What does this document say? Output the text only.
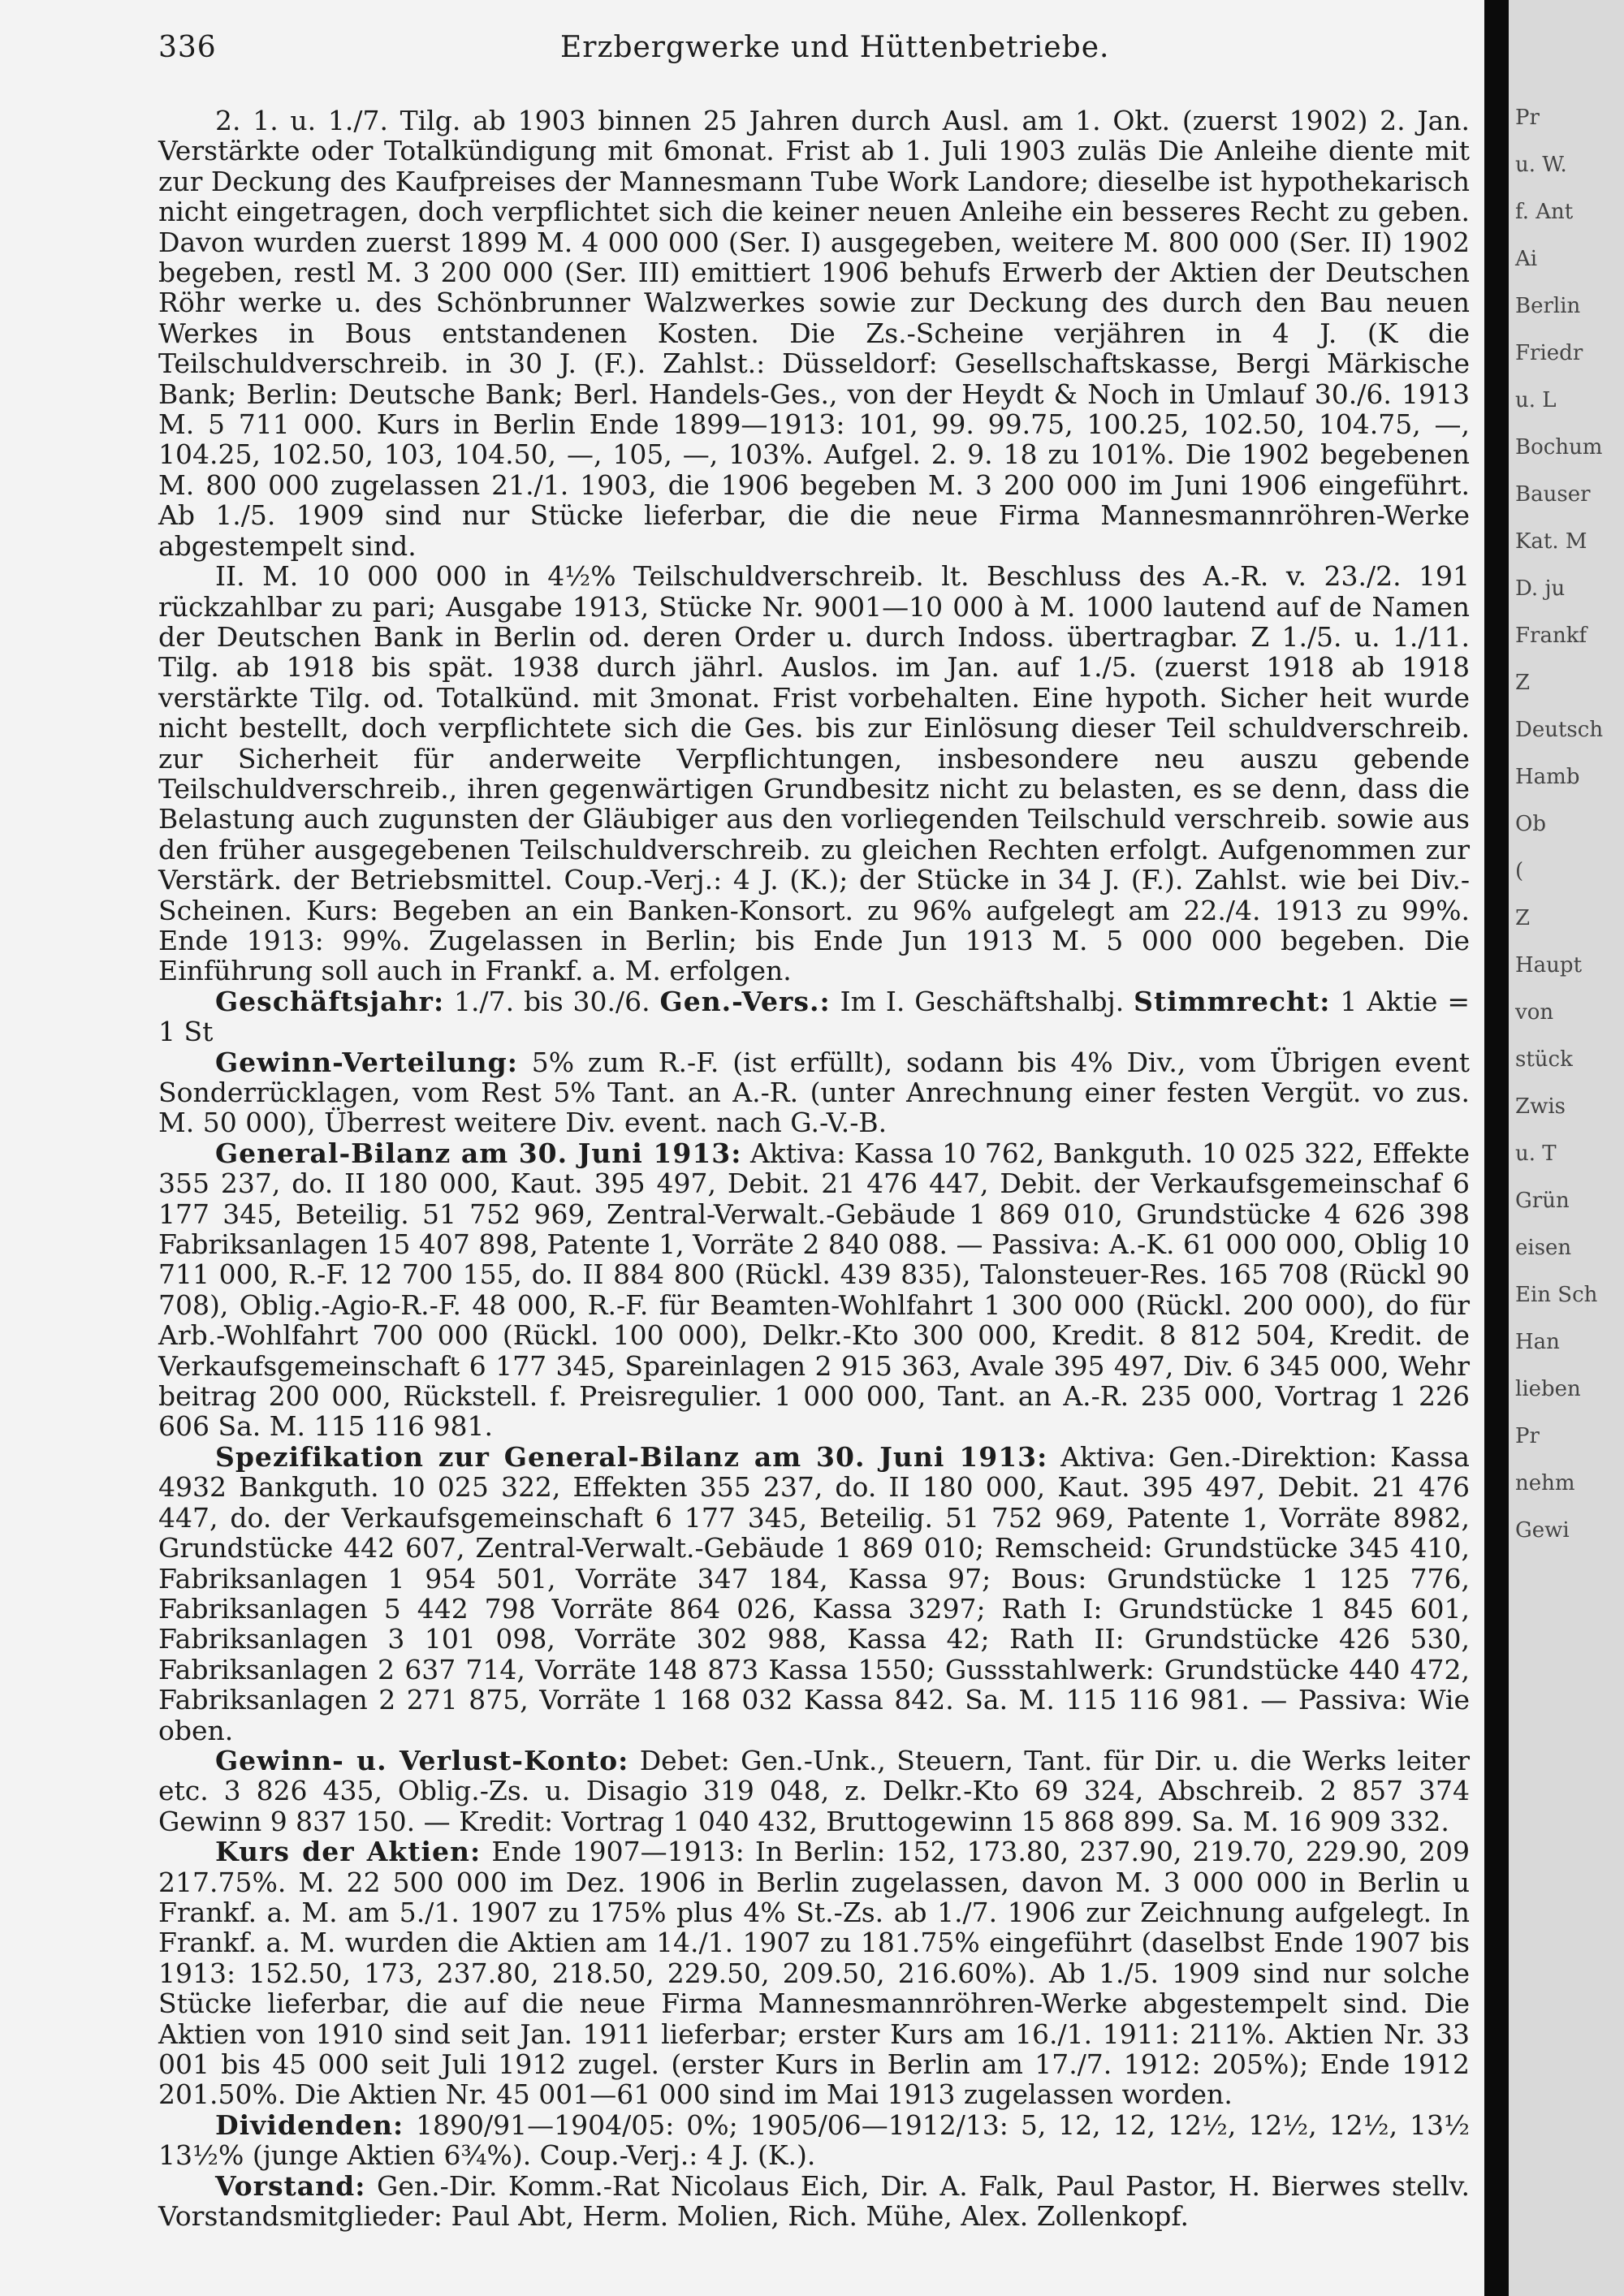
336	Erzbergwerke und Hüttenbetriebe.

2. 1. u. 1./7. Tilg. ab 1903 binnen 25 Jahren durch Ausl. am 1. Okt. (zuerst 1902) 2. Jan. Verstärkte oder Totalkündigung mit 6monat. Frist ab 1. Juli 1903 zuläs Die Anleihe diente mit zur Deckung des Kaufpreises der Mannesmann Tube Work Landore; dieselbe ist hypothekarisch nicht eingetragen, doch verpflichtet sich die keiner neuen Anleihe ein besseres Recht zu geben. Davon wurden zuerst 1899 M. 4 000 000 (Ser. I) ausgegeben, weitere M. 800 000 (Ser. II) 1902 begeben, restl M. 3 200 000 (Ser. III) emittiert 1906 behufs Erwerb der Aktien der Deutschen Röhr werke u. des Schönbrunner Walzwerkes sowie zur Deckung des durch den Bau neuen Werkes in Bous entstandenen Kosten. Die Zs.-Scheine verjähren in 4 J. (K die Teilschuldverschreib. in 30 J. (F.). Zahlst.: Düsseldorf: Gesellschaftskasse, Bergi Märkische Bank; Berlin: Deutsche Bank; Berl. Handels-Ges., von der Heydt & Noch in Umlauf 30./6. 1913 M. 5 711 000. Kurs in Berlin Ende 1899—1913: 101, 99. 99.75, 100.25, 102.50, 104.75, —, 104.25, 102.50, 103, 104.50, —, 105, —, 103%. Aufgel. 2. 9. 18 zu 101%. Die 1902 begebenen M. 800 000 zugelassen 21./1. 1903, die 1906 begeben M. 3 200 000 im Juni 1906 eingeführt. Ab 1./5. 1909 sind nur Stücke lieferbar, die die neue Firma Mannesmannröhren-Werke abgestempelt sind.

II. M. 10 000 000 in 4½% Teilschuldverschreib. lt. Beschluss des A.-R. v. 23./2. 191 rückzahlbar zu pari; Ausgabe 1913, Stücke Nr. 9001—10 000 à M. 1000 lautend auf de Namen der Deutschen Bank in Berlin od. deren Order u. durch Indoss. übertragbar. Z 1./5. u. 1./11. Tilg. ab 1918 bis spät. 1938 durch jährl. Auslos. im Jan. auf 1./5. (zuerst 1918 ab 1918 verstärkte Tilg. od. Totalkünd. mit 3monat. Frist vorbehalten. Eine hypoth. Sicher heit wurde nicht bestellt, doch verpflichtete sich die Ges. bis zur Einlösung dieser Teil schuldverschreib. zur Sicherheit für anderweite Verpflichtungen, insbesondere neu auszu gebende Teilschuldverschreib., ihren gegenwärtigen Grundbesitz nicht zu belasten, es se denn, dass die Belastung auch zugunsten der Gläubiger aus den vorliegenden Teilschuld verschreib. sowie aus den früher ausgegebenen Teilschuldverschreib. zu gleichen Rechten erfolgt. Aufgenommen zur Verstärk. der Betriebsmittel. Coup.-Verj.: 4 J. (K.); der Stücke in 34 J. (F.). Zahlst. wie bei Div.-Scheinen. Kurs: Begeben an ein Banken-Konsort. zu 96% aufgelegt am 22./4. 1913 zu 99%. Ende 1913: 99%. Zugelassen in Berlin; bis Ende Jun 1913 M. 5 000 000 begeben. Die Einführung soll auch in Frankf. a. M. erfolgen.

Geschäftsjahr: 1./7. bis 30./6. Gen.-Vers.: Im I. Geschäftshalbj. Stimmrecht: 1 Aktie = 1 St

Gewinn-Verteilung: 5% zum R.-F. (ist erfüllt), sodann bis 4% Div., vom Übrigen event Sonderrücklagen, vom Rest 5% Tant. an A.-R. (unter Anrechnung einer festen Vergüt. vo zus. M. 50 000), Überrest weitere Div. event. nach G.-V.-B.

General-Bilanz am 30. Juni 1913: Aktiva: Kassa 10 762, Bankguth. 10 025 322, Effekte 355 237, do. II 180 000, Kaut. 395 497, Debit. 21 476 447, Debit. der Verkaufsgemeinschaf 6 177 345, Beteilig. 51 752 969, Zentral-Verwalt.-Gebäude 1 869 010, Grundstücke 4 626 398 Fabriksanlagen 15 407 898, Patente 1, Vorräte 2 840 088. — Passiva: A.-K. 61 000 000, Oblig 10 711 000, R.-F. 12 700 155, do. II 884 800 (Rückl. 439 835), Talonsteuer-Res. 165 708 (Rückl 90 708), Oblig.-Agio-R.-F. 48 000, R.-F. für Beamten-Wohlfahrt 1 300 000 (Rückl. 200 000), do für Arb.-Wohlfahrt 700 000 (Rückl. 100 000), Delkr.-Kto 300 000, Kredit. 8 812 504, Kredit. de Verkaufsgemeinschaft 6 177 345, Spareinlagen 2 915 363, Avale 395 497, Div. 6 345 000, Wehr beitrag 200 000, Rückstell. f. Preisregulier. 1 000 000, Tant. an A.-R. 235 000, Vortrag 1 226 606 Sa. M. 115 116 981.

Spezifikation zur General-Bilanz am 30. Juni 1913: Aktiva: Gen.-Direktion: Kassa 4932 Bankguth. 10 025 322, Effekten 355 237, do. II 180 000, Kaut. 395 497, Debit. 21 476 447, do. der Verkaufsgemeinschaft 6 177 345, Beteilig. 51 752 969, Patente 1, Vorräte 8982, Grundstücke 442 607, Zentral-Verwalt.-Gebäude 1 869 010; Remscheid: Grundstücke 345 410, Fabriksanlagen 1 954 501, Vorräte 347 184, Kassa 97; Bous: Grundstücke 1 125 776, Fabriksanlagen 5 442 798 Vorräte 864 026, Kassa 3297; Rath I: Grundstücke 1 845 601, Fabriksanlagen 3 101 098, Vorräte 302 988, Kassa 42; Rath II: Grundstücke 426 530, Fabriksanlagen 2 637 714, Vorräte 148 873 Kassa 1550; Gussstahlwerk: Grundstücke 440 472, Fabriksanlagen 2 271 875, Vorräte 1 168 032 Kassa 842. Sa. M. 115 116 981. — Passiva: Wie oben.

Gewinn- u. Verlust-Konto: Debet: Gen.-Unk., Steuern, Tant. für Dir. u. die Werks leiter etc. 3 826 435, Oblig.-Zs. u. Disagio 319 048, z. Delkr.-Kto 69 324, Abschreib. 2 857 374 Gewinn 9 837 150. — Kredit: Vortrag 1 040 432, Bruttogewinn 15 868 899. Sa. M. 16 909 332.

Kurs der Aktien: Ende 1907—1913: In Berlin: 152, 173.80, 237.90, 219.70, 229.90, 209 217.75%. M. 22 500 000 im Dez. 1906 in Berlin zugelassen, davon M. 3 000 000 in Berlin u Frankf. a. M. am 5./1. 1907 zu 175% plus 4% St.-Zs. ab 1./7. 1906 zur Zeichnung aufgelegt. In Frankf. a. M. wurden die Aktien am 14./1. 1907 zu 181.75% eingeführt (daselbst Ende 1907 bis 1913: 152.50, 173, 237.80, 218.50, 229.50, 209.50, 216.60%). Ab 1./5. 1909 sind nur solche Stücke lieferbar, die auf die neue Firma Mannesmannröhren-Werke abgestempelt sind. Die Aktien von 1910 sind seit Jan. 1911 lieferbar; erster Kurs am 16./1. 1911: 211%. Aktien Nr. 33 001 bis 45 000 seit Juli 1912 zugel. (erster Kurs in Berlin am 17./7. 1912: 205%); Ende 1912 201.50%. Die Aktien Nr. 45 001—61 000 sind im Mai 1913 zugelassen worden.

Dividenden: 1890/91—1904/05: 0%; 1905/06—1912/13: 5, 12, 12, 12½, 12½, 12½, 13½ 13½% (junge Aktien 6¾%). Coup.-Verj.: 4 J. (K.).

Vorstand: Gen.-Dir. Komm.-Rat Nicolaus Eich, Dir. A. Falk, Paul Pastor, H. Bierwes stellv. Vorstandsmitglieder: Paul Abt, Herm. Molien, Rich. Mühe, Alex. Zollenkopf.

Pr
u. W.
f. Ant
Ai
Berlin
Friedr
u. L
Bochum
Bauser
Kat. M
D. ju
Frankf
Z
Deutsch
Hamb
Ob
(
Z
Haupt
von
stück
Zwis
u. T
Grün
eisen
Ein Sch
Han
lieben
Pr
nehm
Gewi
